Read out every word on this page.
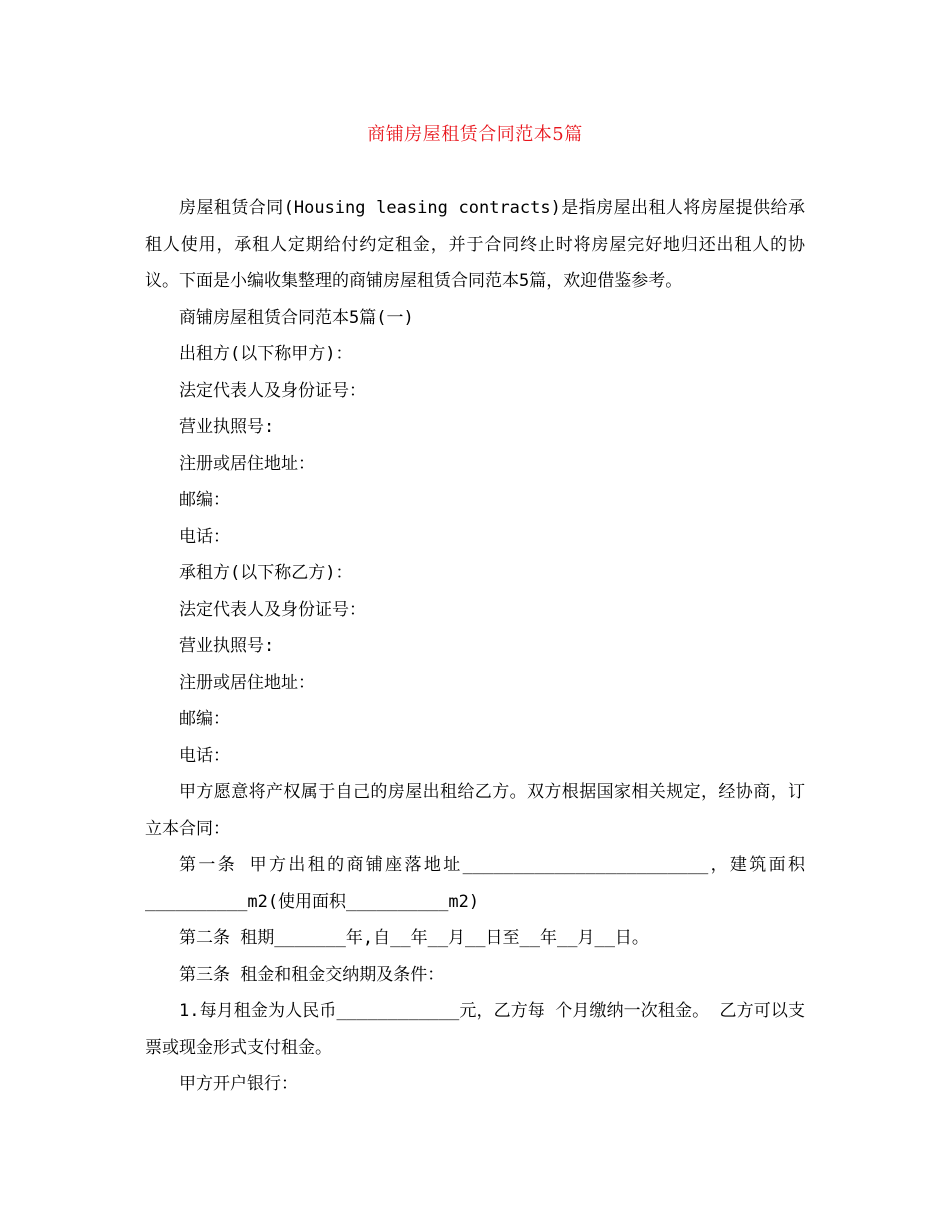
商铺房屋租赁合同范本5篇

房屋租赁合同(Housing leasing contracts)是指房屋出租人将房屋提供给承租人使用，承租人定期给付约定租金，并于合同终止时将房屋完好地归还出租人的协议。下面是小编收集整理的商铺房屋租赁合同范本5篇，欢迎借鉴参考。

商铺房屋租赁合同范本5篇(一)

出租方(以下称甲方)：

法定代表人及身份证号：

营业执照号:

注册或居住地址：

邮编：

电话：

承租方(以下称乙方)：

法定代表人及身份证号：

营业执照号:

注册或居住地址：

邮编：

电话：

甲方愿意将产权属于自己的房屋出租给乙方。双方根据国家相关规定，经协商，订立本合同：

第一条 甲方出租的商铺座落地址________________________，建筑面积__________m2(使用面积__________m2)

第二条 租期_______年,自__年__月__日至__年__月__日。

第三条 租金和租金交纳期及条件：

1.每月租金为人民币____________元，乙方每 个月缴纳一次租金。 乙方可以支票或现金形式支付租金。

甲方开户银行：
